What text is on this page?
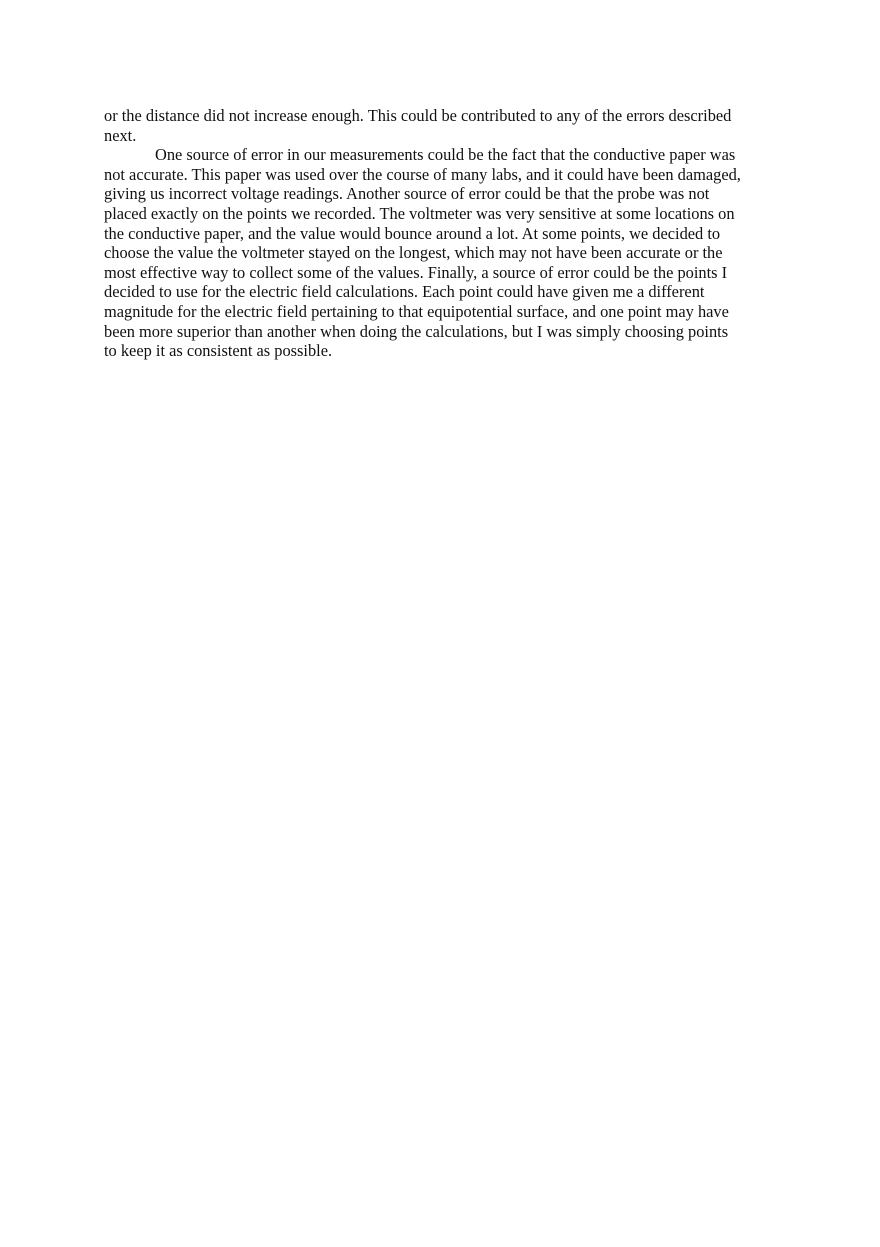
or the distance did not increase enough. This could be contributed to any of the errors described
next.
One source of error in our measurements could be the fact that the conductive paper was
not accurate. This paper was used over the course of many labs, and it could have been damaged,
giving us incorrect voltage readings. Another source of error could be that the probe was not
placed exactly on the points we recorded. The voltmeter was very sensitive at some locations on
the conductive paper, and the value would bounce around a lot. At some points, we decided to
choose the value the voltmeter stayed on the longest, which may not have been accurate or the
most effective way to collect some of the values. Finally, a source of error could be the points I
decided to use for the electric field calculations. Each point could have given me a different
magnitude for the electric field pertaining to that equipotential surface, and one point may have
been more superior than another when doing the calculations, but I was simply choosing points
to keep it as consistent as possible.
